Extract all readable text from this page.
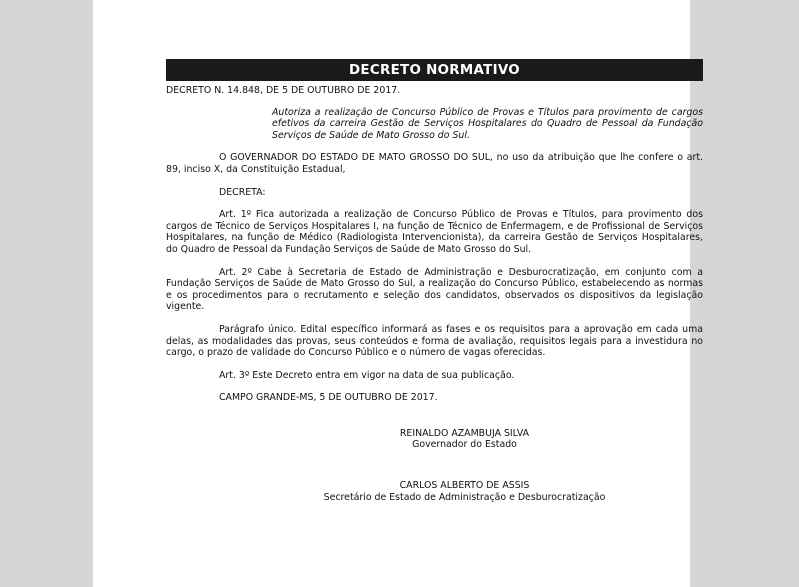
DECRETO NORMATIVO
DECRETO N. 14.848, DE 5 DE OUTUBRO DE 2017.
Autoriza a realização de Concurso Público de Provas e Títulos para provimento de cargos efetivos da carreira Gestão de Serviços Hospitalares do Quadro de Pessoal da Fundação Serviços de Saúde de Mato Grosso do Sul.
O GOVERNADOR DO ESTADO DE MATO GROSSO DO SUL, no uso da atribuição que lhe confere o art. 89, inciso X, da Constituição Estadual,
DECRETA:
Art. 1º Fica autorizada a realização de Concurso Público de Provas e Títulos, para provimento dos cargos de Técnico de Serviços Hospitalares I, na função de Técnico de Enfermagem, e de Profissional de Serviços Hospitalares, na função de Médico (Radiologista Intervencionista), da carreira Gestão de Serviços Hospitalares, do Quadro de Pessoal da Fundação Serviços de Saúde de Mato Grosso do Sul.
Art. 2º Cabe à Secretaria de Estado de Administração e Desburocratização, em conjunto com a Fundação Serviços de Saúde de Mato Grosso do Sul, a realização do Concurso Público, estabelecendo as normas e os procedimentos para o recrutamento e seleção dos candidatos, observados os dispositivos da legislação vigente.
Parágrafo único. Edital específico informará as fases e os requisitos para a aprovação em cada uma delas, as modalidades das provas, seus conteúdos e forma de avaliação, requisitos legais para a investidura no cargo, o prazo de validade do Concurso Público e o número de vagas oferecidas.
Art. 3º Este Decreto entra em vigor na data de sua publicação.
CAMPO GRANDE-MS, 5 DE OUTUBRO DE 2017.
REINALDO AZAMBUJA SILVA
Governador do Estado
CARLOS ALBERTO DE ASSIS
Secretário de Estado de Administração e Desburocratização
